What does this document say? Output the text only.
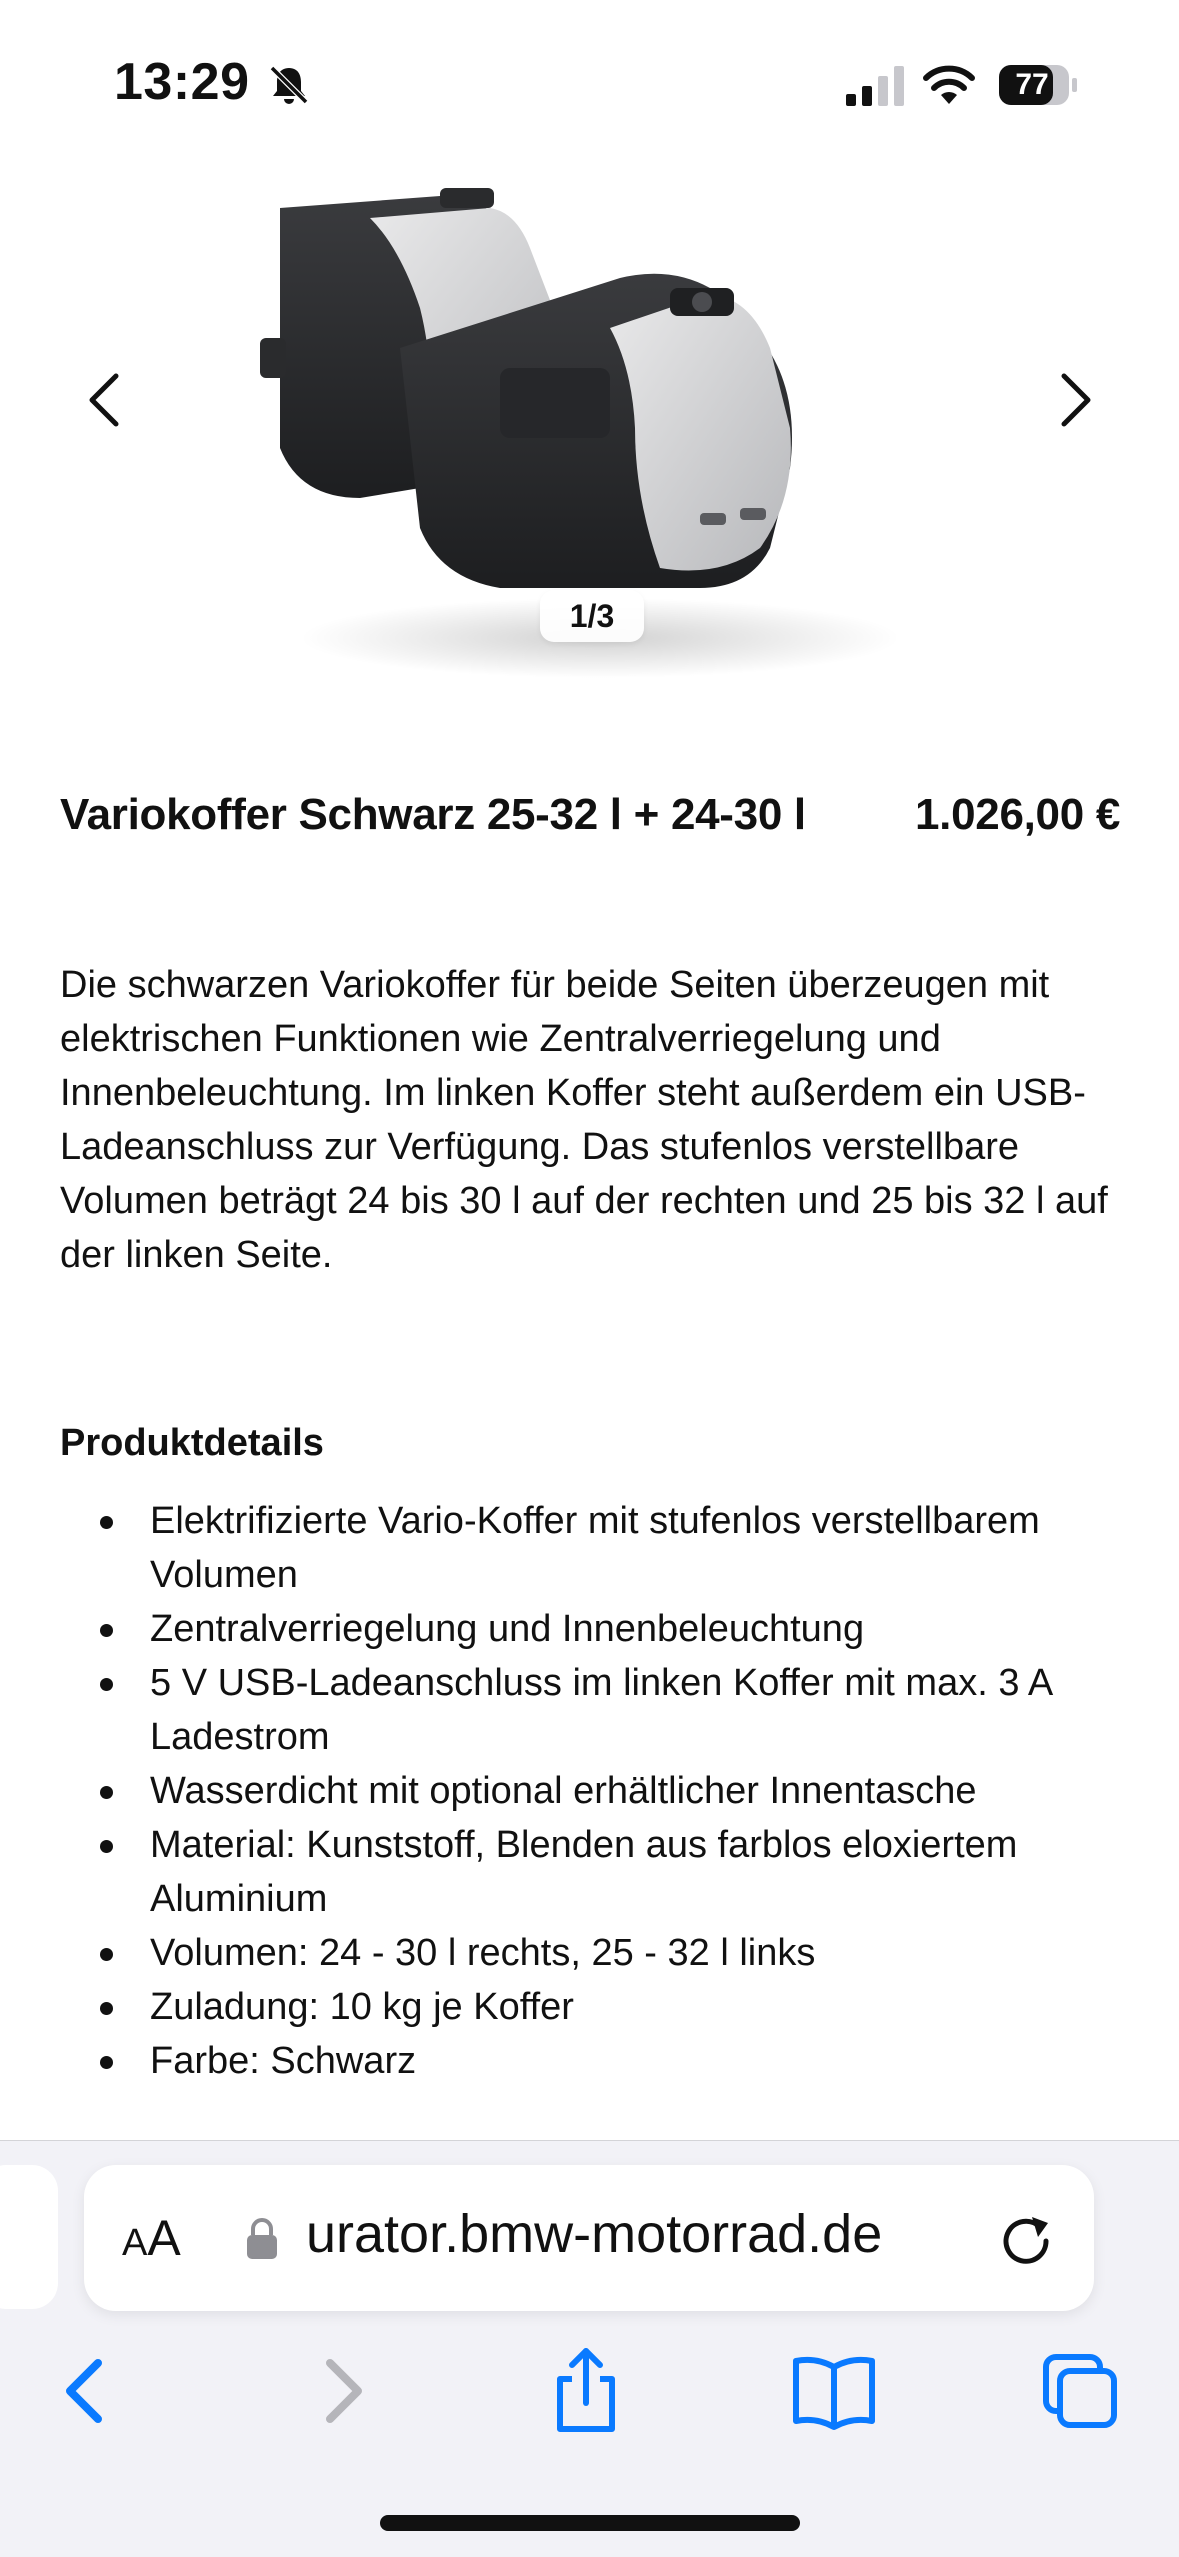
13:29	77
1/3
Variokoffer Schwarz 25-32 l + 24-30 l	1.026,00 €

Die schwarzen Variokoffer für beide Seiten überzeugen mit elektrischen Funktionen wie Zentralverriegelung und Innenbeleuchtung. Im linken Koffer steht außerdem ein USB-Ladeanschluss zur Verfügung. Das stufenlos verstellbare Volumen beträgt 24 bis 30 l auf der rechten und 25 bis 32 l auf der linken Seite.

Produktdetails
Elektrifizierte Vario-Koffer mit stufenlos verstellbarem Volumen
Zentralverriegelung und Innenbeleuchtung
5 V USB-Ladeanschluss im linken Koffer mit max. 3 A Ladestrom
Wasserdicht mit optional erhältlicher Innentasche
Material: Kunststoff, Blenden aus farblos eloxiertem Aluminium
Volumen: 24 - 30 l rechts, 25 - 32 l links
Zuladung: 10 kg je Koffer
Farbe: Schwarz
AA urator.bmw-motorrad.de
